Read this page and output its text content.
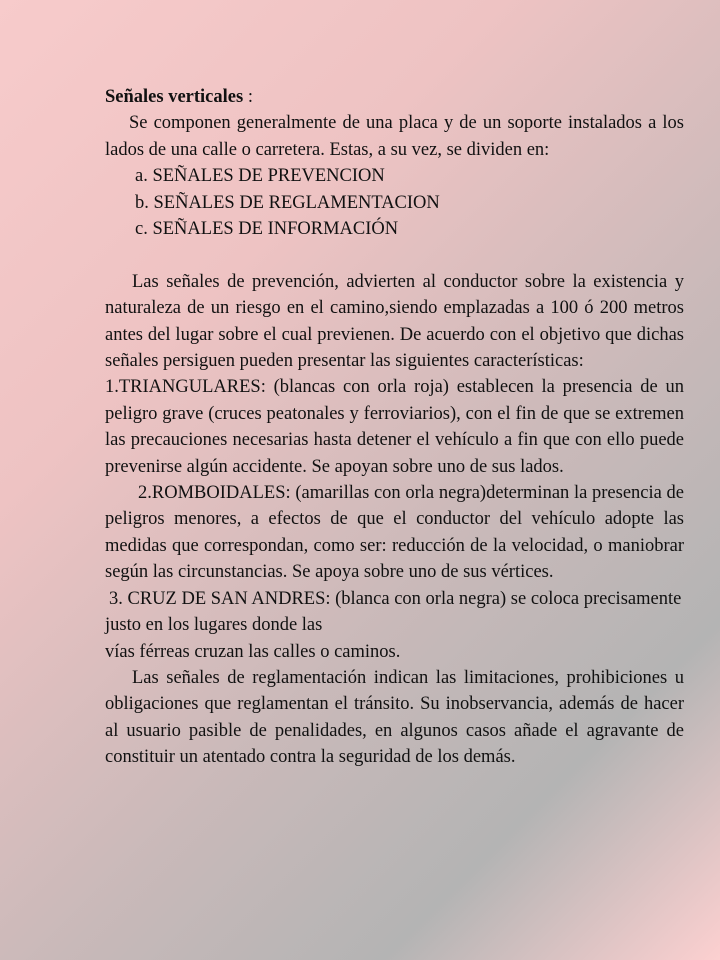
Señales verticales :

Se componen generalmente de una placa y de un soporte instalados a los lados de una calle o carretera. Estas, a su vez, se dividen en:

a. SEÑALES DE PREVENCION

b. SEÑALES DE REGLAMENTACION

c. SEÑALES DE INFORMACIÓN

Las señales de prevención, advierten al conductor sobre la existencia y naturaleza de un riesgo en el camino,siendo emplazadas a 100 ó 200 metros antes del lugar sobre el cual previenen. De acuerdo con el objetivo que dichas señales persiguen pueden presentar las siguientes características:

1.TRIANGULARES: (blancas con orla roja) establecen la presencia de un peligro grave (cruces peatonales y ferroviarios), con el fin de que se extremen las precauciones necesarias hasta detener el vehículo a fin que con ello puede prevenirse algún accidente. Se apoyan sobre uno de sus lados.

2.ROMBOIDALES: (amarillas con orla negra)determinan la presencia de peligros menores, a efectos de que el conductor del vehículo adopte las medidas que correspondan, como ser: reducción de la velocidad, o maniobrar según las circunstancias. Se apoya sobre uno de sus vértices.

3. CRUZ DE SAN ANDRES: (blanca con orla negra) se coloca precisamente justo en los lugares donde las

vías férreas cruzan las calles o caminos.

Las señales de reglamentación indican las limitaciones, prohibiciones u obligaciones que reglamentan el tránsito. Su inobservancia, además de hacer al usuario pasible de penalidades, en algunos casos añade el agravante de constituir un atentado contra la seguridad de los demás.
